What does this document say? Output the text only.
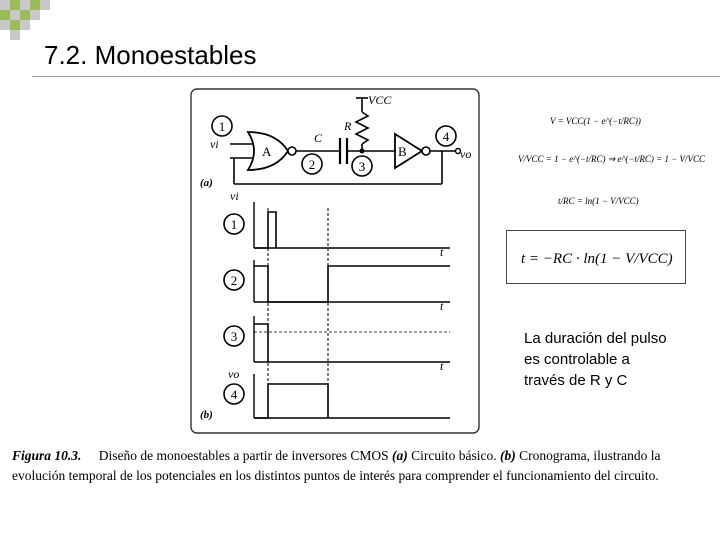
7.2. Monoestables
1
vi	A
2
C
VCC
R
3
B	vo
4
(a)
vi
1
t
2
t
3
t
vo
4
(b)
V = VCC(1 − e^(−t/RC))
V/VCC = 1 − e^(−t/RC) ⇒ e^(−t/RC) = 1 − V/VCC
t/RC = ln(1 − V/VCC)
t = −RC · ln(1 − V/VCC)
La duración del pulso es controlable a través de R y C
Figura 10.3. Diseño de monoestables a partir de inversores CMOS (a) Circuito básico. (b) Cronograma, ilustrando la evolución temporal de los potenciales en los distintos puntos de interés para comprender el funcionamiento del circuito.
